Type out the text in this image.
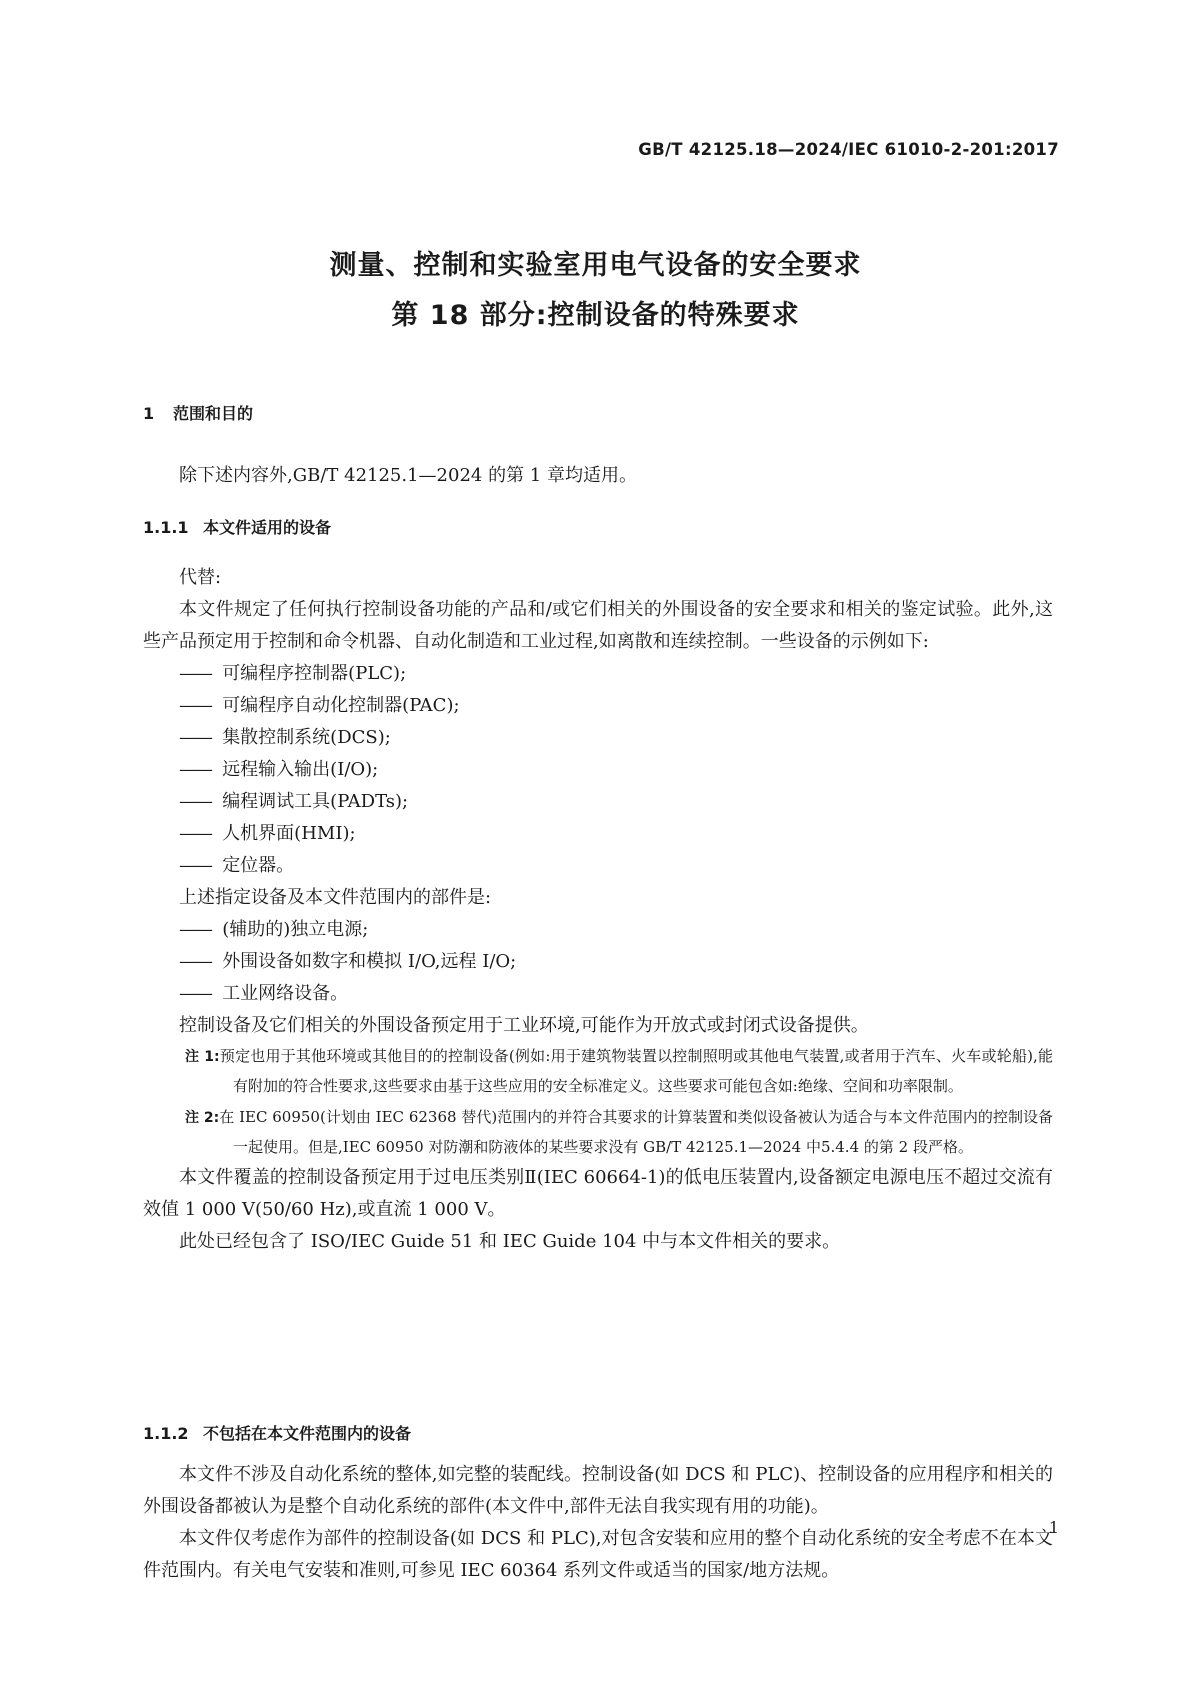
GB/T 42125.18—2024/IEC 61010-2-201:2017
测量、控制和实验室用电气设备的安全要求
第 18 部分:控制设备的特殊要求
1 范围和目的

除下述内容外,GB/T 42125.1—2024 的第 1 章均适用。

1.1.1 本文件适用的设备

代替:

本文件规定了任何执行控制设备功能的产品和/或它们相关的外围设备的安全要求和相关的鉴定试验。此外,这些产品预定用于控制和命令机器、自动化制造和工业过程,如离散和连续控制。一些设备的示例如下:

—— 可编程序控制器(PLC);

—— 可编程序自动化控制器(PAC);

—— 集散控制系统(DCS);

—— 远程输入输出(I/O);

—— 编程调试工具(PADTs);

—— 人机界面(HMI);

—— 定位器。

上述指定设备及本文件范围内的部件是:

—— (辅助的)独立电源;

—— 外围设备如数字和模拟 I/O,远程 I/O;

—— 工业网络设备。

控制设备及它们相关的外围设备预定用于工业环境,可能作为开放式或封闭式设备提供。

注 1:预定也用于其他环境或其他目的的控制设备(例如:用于建筑物装置以控制照明或其他电气装置,或者用于汽车、火车或轮船),能有附加的符合性要求,这些要求由基于这些应用的安全标准定义。这些要求可能包含如:绝缘、空间和功率限制。

注 2:在 IEC 60950(计划由 IEC 62368 替代)范围内的并符合其要求的计算装置和类似设备被认为适合与本文件范围内的控制设备一起使用。但是,IEC 60950 对防潮和防液体的某些要求没有 GB/T 42125.1—2024 中5.4.4 的第 2 段严格。

本文件覆盖的控制设备预定用于过电压类别Ⅱ(IEC 60664-1)的低电压装置内,设备额定电源电压不超过交流有效值 1 000 V(50/60 Hz),或直流 1 000 V。

此处已经包含了 ISO/IEC Guide 51 和 IEC Guide 104 中与本文件相关的要求。

1.1.2 不包括在本文件范围内的设备

本文件不涉及自动化系统的整体,如完整的装配线。控制设备(如 DCS 和 PLC)、控制设备的应用程序和相关的外围设备都被认为是整个自动化系统的部件(本文件中,部件无法自我实现有用的功能)。

本文件仅考虑作为部件的控制设备(如 DCS 和 PLC),对包含安装和应用的整个自动化系统的安全考虑不在本文件范围内。有关电气安装和准则,可参见 IEC 60364 系列文件或适当的国家/地方法规。

1
